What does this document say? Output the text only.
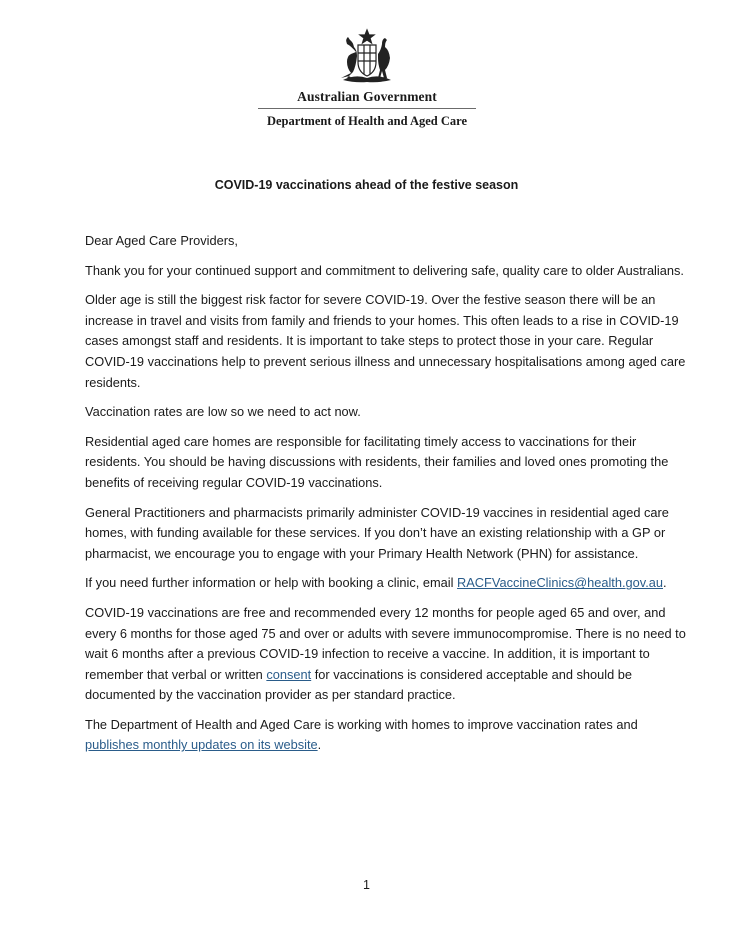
Australian Government
Department of Health and Aged Care
COVID-19 vaccinations ahead of the festive season

Dear Aged Care Providers,

Thank you for your continued support and commitment to delivering safe, quality care to older Australians.

Older age is still the biggest risk factor for severe COVID-19. Over the festive season there will be an increase in travel and visits from family and friends to your homes. This often leads to a rise in COVID-19 cases amongst staff and residents. It is important to take steps to protect those in your care. Regular COVID-19 vaccinations help to prevent serious illness and unnecessary hospitalisations among aged care residents.

Vaccination rates are low so we need to act now.

Residential aged care homes are responsible for facilitating timely access to vaccinations for their residents. You should be having discussions with residents, their families and loved ones promoting the benefits of receiving regular COVID-19 vaccinations.

General Practitioners and pharmacists primarily administer COVID-19 vaccines in residential aged care homes, with funding available for these services. If you don’t have an existing relationship with a GP or pharmacist, we encourage you to engage with your Primary Health Network (PHN) for assistance.

If you need further information or help with booking a clinic, email RACFVaccineClinics@health.gov.au.

COVID-19 vaccinations are free and recommended every 12 months for people aged 65 and over, and every 6 months for those aged 75 and over or adults with severe immunocompromise. There is no need to wait 6 months after a previous COVID-19 infection to receive a vaccine. In addition, it is important to remember that verbal or written consent for vaccinations is considered acceptable and should be documented by the vaccination provider as per standard practice.

The Department of Health and Aged Care is working with homes to improve vaccination rates and publishes monthly updates on its website.

1
